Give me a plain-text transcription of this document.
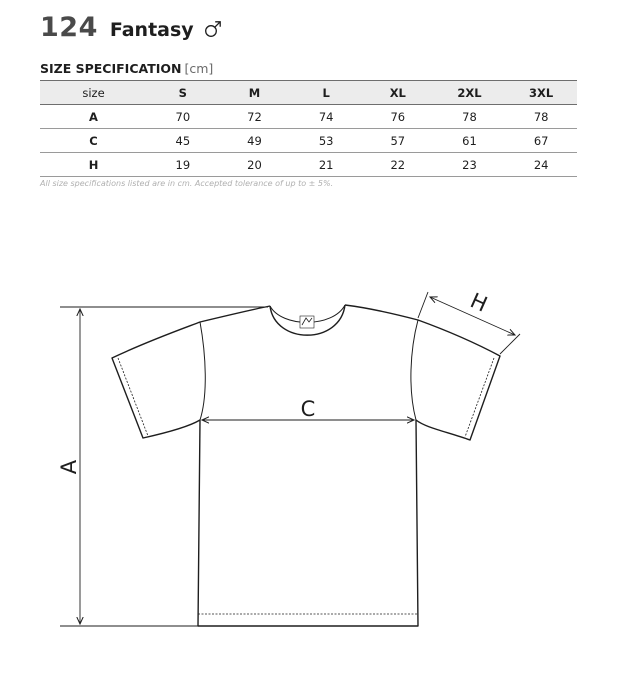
124 Fantasy
SIZE SPECIFICATION [cm]
size	S	M	L	XL	2XL	3XL
A	70	72	74	76	78	78
C	45	49	53	57	61	67
H	19	20	21	22	23	24
All size specifications listed are in cm. Accepted tolerance of up to ± 5%.
A
C
H
